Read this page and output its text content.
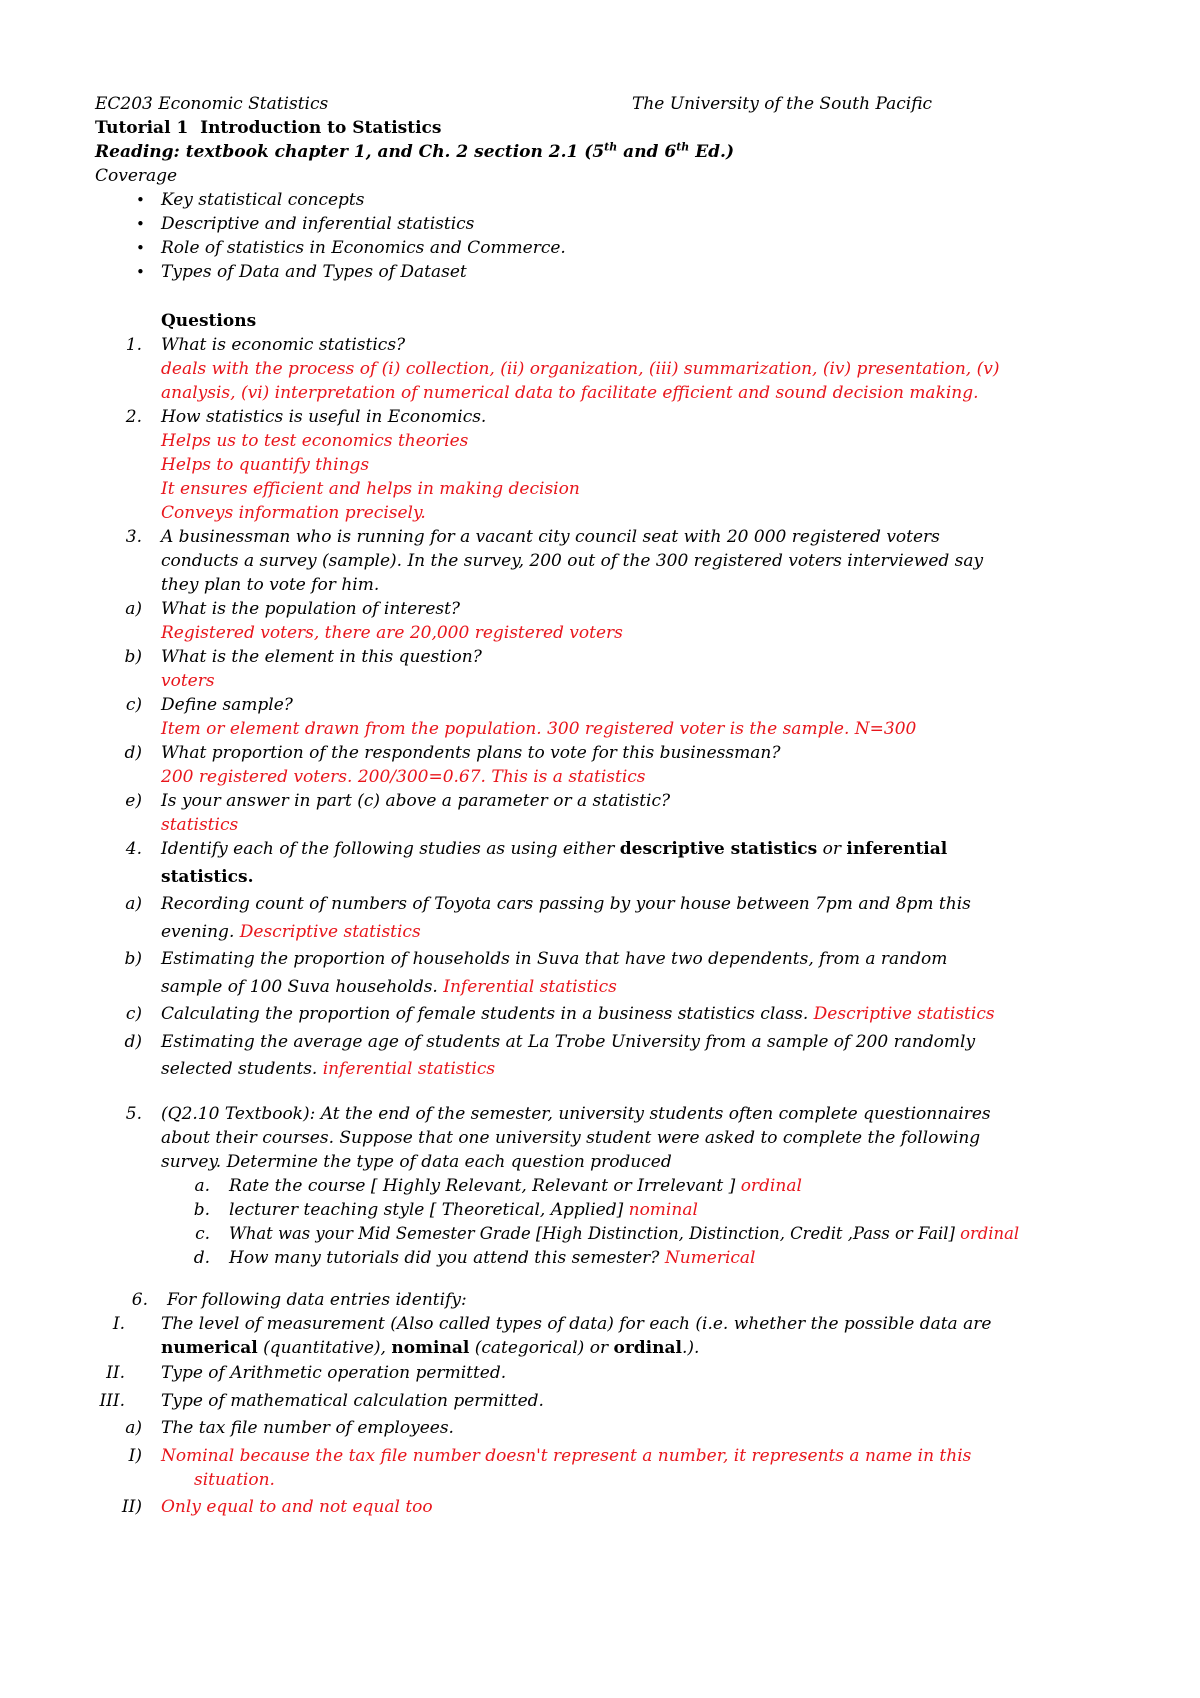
EC203 Economic Statistics	The University of the South Pacific
Tutorial 1 Introduction to Statistics
Reading: textbook chapter 1, and Ch. 2 section 2.1 (5th and 6th Ed.)
Coverage
• Key statistical concepts
• Descriptive and inferential statistics
• Role of statistics in Economics and Commerce.
• Types of Data and Types of Dataset
Questions
1. What is economic statistics?
deals with the process of (i) collection, (ii) organization, (iii) summarization, (iv) presentation, (v)
analysis, (vi) interpretation of numerical data to facilitate efficient and sound decision making.
2. How statistics is useful in Economics.
Helps us to test economics theories
Helps to quantify things
It ensures efficient and helps in making decision
Conveys information precisely.
3. A businessman who is running for a vacant city council seat with 20 000 registered voters
conducts a survey (sample). In the survey, 200 out of the 300 registered voters interviewed say
they plan to vote for him.
a) What is the population of interest?
Registered voters, there are 20,000 registered voters
b) What is the element in this question?
voters
c) Define sample?
Item or element drawn from the population. 300 registered voter is the sample. N=300
d) What proportion of the respondents plans to vote for this businessman?
200 registered voters. 200/300=0.67. This is a statistics
e) Is your answer in part (c) above a parameter or a statistic?
statistics
4. Identify each of the following studies as using either descriptive statistics or inferential
statistics.
a) Recording count of numbers of Toyota cars passing by your house between 7pm and 8pm this
evening. Descriptive statistics
b) Estimating the proportion of households in Suva that have two dependents, from a random
sample of 100 Suva households. Inferential statistics
c) Calculating the proportion of female students in a business statistics class. Descriptive statistics
d) Estimating the average age of students at La Trobe University from a sample of 200 randomly
selected students. inferential statistics
5. (Q2.10 Textbook): At the end of the semester, university students often complete questionnaires
about their courses. Suppose that one university student were asked to complete the following
survey. Determine the type of data each question produced
a. Rate the course [ Highly Relevant, Relevant or Irrelevant ] ordinal
b. lecturer teaching style [ Theoretical, Applied] nominal
c. What was your Mid Semester Grade [High Distinction, Distinction, Credit ,Pass or Fail] ordinal
d. How many tutorials did you attend this semester? Numerical
6. For following data entries identify:
I. The level of measurement (Also called types of data) for each (i.e. whether the possible data are
numerical (quantitative), nominal (categorical) or ordinal.).
II. Type of Arithmetic operation permitted.
III. Type of mathematical calculation permitted.
a) The tax file number of employees.
I) Nominal because the tax file number doesn't represent a number, it represents a name in this
situation.
II) Only equal to and not equal too
